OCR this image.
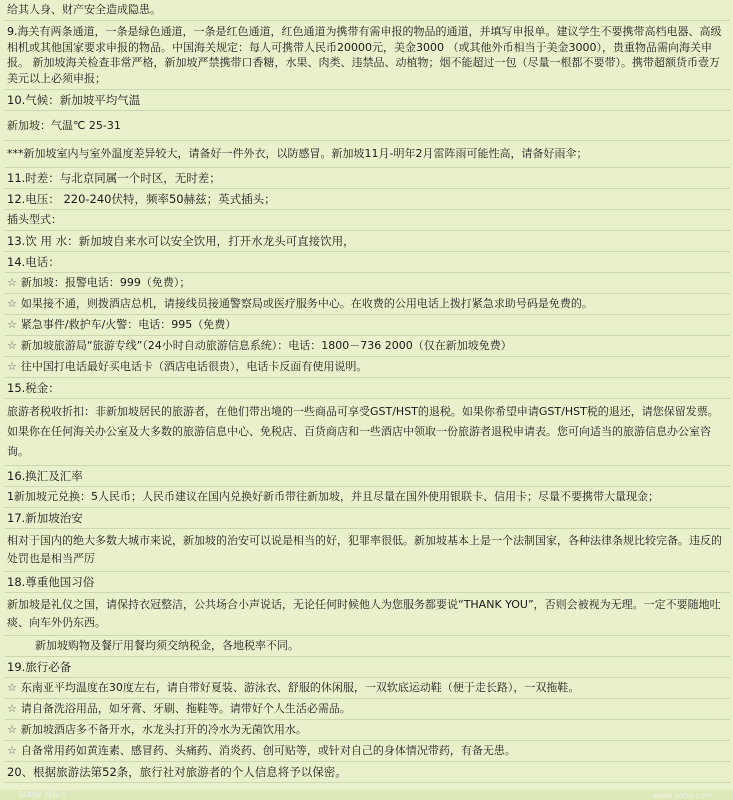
给其人身、财产安全造成隐患。
9.海关有两条通道，一条是绿色通道，一条是红色通道，红色通道为携带有需申报的物品的通道，并填写申报单。建议学生不要携带高档电器、高级相机或其他国家要求申报的物品。中国海关规定：每人可携带人民币20000元，美金3000 （或其他外币相当于美金3000），贵重物品需向海关申报。 新加坡海关检查非常严格，新加坡严禁携带口香糖，水果、肉类、违禁品、动植物；烟不能超过一包（尽量一根都不要带）。携带超额货币壹万美元以上必须申报；
10.气候：新加坡平均气温
新加坡：气温℃ 25-31
***新加坡室内与室外温度差异较大，请备好一件外衣，以防感冒。新加坡11月-明年2月雷阵雨可能性高，请备好雨伞；
11.时差：与北京同属一个时区，无时差；
12.电压： 220-240伏特，频率50赫兹；英式插头；
插头型式：
13.饮 用 水：新加坡自来水可以安全饮用，打开水龙头可直接饮用，
14.电话：
☆ 新加坡：报警电话：999（免费）；
☆ 如果接不通，则拨酒店总机，请接线员接通警察局或医疗服务中心。在收费的公用电话上拨打紧急求助号码是免费的。
☆ 紧急事件/救护车/火警：电话：995（免费）
☆ 新加坡旅游局“旅游专线”（24小时自动旅游信息系统）：电话：1800－736 2000（仅在新加坡免费）
☆ 往中国打电话最好买电话卡（酒店电话很贵），电话卡反面有使用说明。
15.税金：
旅游者税收折扣：非新加坡居民的旅游者，在他们带出境的一些商品可享受GST/HST的退税。如果你希望申请GST/HST税的退还，请您保留发票。如果你在任何海关办公室及大多数的旅游信息中心、免税店、百货商店和一些酒店中领取一份旅游者退税申请表。您可向适当的旅游信息办公室咨询。
16.换汇及汇率
1新加坡元兑换：5人民币；人民币建议在国内兑换好新币带往新加坡，并且尽量在国外使用银联卡、信用卡；尽量不要携带大量现金；
17.新加坡治安
相对于国内的绝大多数大城市来说，新加坡的治安可以说是相当的好，犯罪率很低。新加坡基本上是一个法制国家，各种法律条规比较完备。违反的处罚也是相当严厉
18.尊重他国习俗
新加坡是礼仪之国，请保持衣冠整洁，公共场合小声说话，无论任何时候他人为您服务都要说“THANK YOU”，否则会被视为无理。一定不要随地吐痰、向车外仍东西。
新加坡购物及餐厅用餐均须交纳税金，各地税率不同。
19.旅行必备
☆ 东南亚平均温度在30度左右，请自带好夏装、游泳衣、舒服的休闲服，一双软底运动鞋（便于走长路），一双拖鞋。
☆ 请自备洗浴用品，如牙膏、牙刷、拖鞋等。请带好个人生活必需品。
☆ 新加坡酒店多不备开水，水龙头打开的冷水为无菌饮用水。
☆ 自备常用药如黄连素、感冒药、头痛药、消炎药、创可贴等，或针对自己的身体情况带药，有备无患。
20、根据旅游法第52条，旅行社对旅游者的个人信息将予以保密。
SOHU 搜狐号	www.sohu.com
